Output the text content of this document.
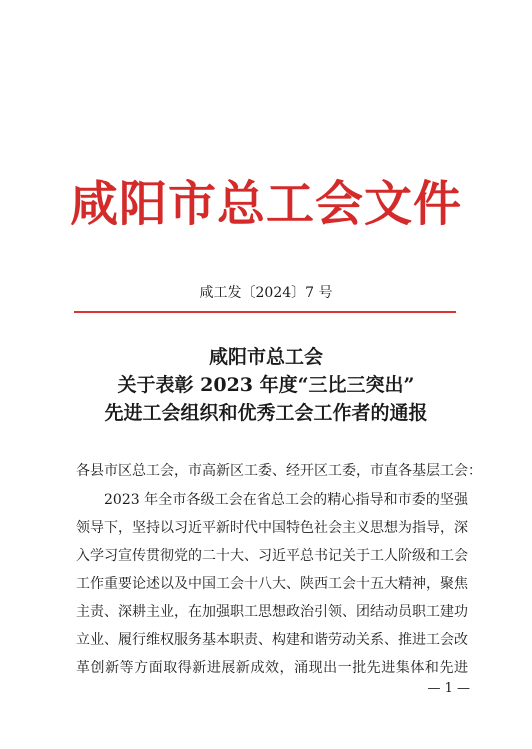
咸阳市总工会文件
咸工发〔2024〕7 号
咸阳市总工会
关于表彰 2023 年度“三比三突出”
先进工会组织和优秀工会工作者的通报
各县市区总工会，市高新区工委、经开区工委，市直各基层工会：
2023 年全市各级工会在省总工会的精心指导和市委的坚强
领导下，坚持以习近平新时代中国特色社会主义思想为指导，深
入学习宣传贯彻党的二十大、习近平总书记关于工人阶级和工会
工作重要论述以及中国工会十八大、陕西工会十五大精神，聚焦
主责、深耕主业，在加强职工思想政治引领、团结动员职工建功
立业、履行维权服务基本职责、构建和谐劳动关系、推进工会改
革创新等方面取得新进展新成效，涌现出一批先进集体和先进
— 1 —
